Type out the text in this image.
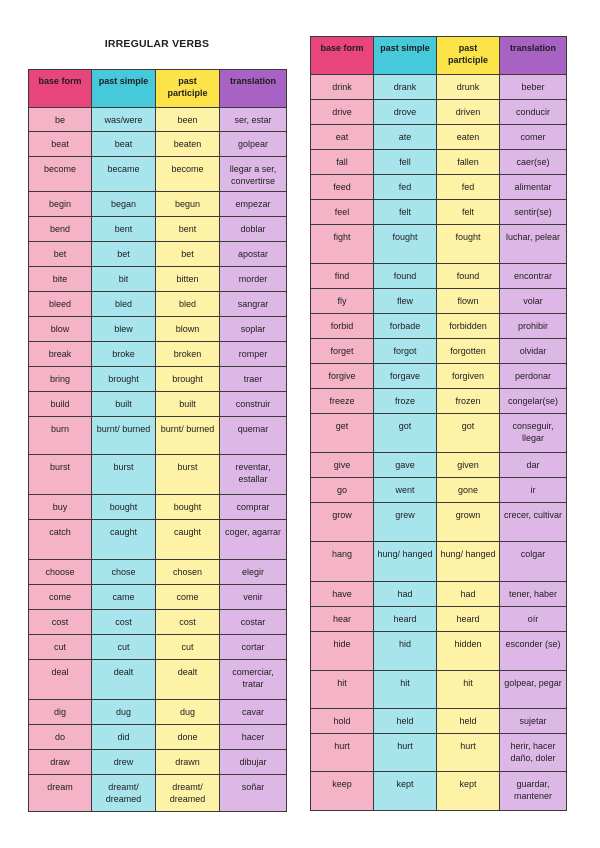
IRREGULAR VERBS
base form	past simple	past participle	translation
be	was/were	been	ser, estar
beat	beat	beaten	golpear
become	became	become	llegar a ser, convertirse
begin	began	begun	empezar
bend	bent	bent	doblar
bet	bet	bet	apostar
bite	bit	bitten	morder
bleed	bled	bled	sangrar
blow	blew	blown	soplar
break	broke	broken	romper
bring	brought	brought	traer
build	built	built	construir
burn	burnt/ burned	burnt/ burned	quemar
burst	burst	burst	reventar, estallar
buy	bought	bought	comprar
catch	caught	caught	coger, agarrar
choose	chose	chosen	elegir
come	came	come	venir
cost	cost	cost	costar
cut	cut	cut	cortar
deal	dealt	dealt	comerciar, tratar
dig	dug	dug	cavar
do	did	done	hacer
draw	drew	drawn	dibujar
dream	dreamt/ dreamed	dreamt/ dreamed	soñar
base form	past simple	past participle	translation
drink	drank	drunk	beber
drive	drove	driven	conducir
eat	ate	eaten	comer
fall	fell	fallen	caer(se)
feed	fed	fed	alimentar
feel	felt	felt	sentir(se)
fight	fought	fought	luchar, pelear
find	found	found	encontrar
fly	flew	flown	volar
forbid	forbade	forbidden	prohibir
forget	forgot	forgotten	olvidar
forgive	forgave	forgiven	perdonar
freeze	froze	frozen	congelar(se)
get	got	got	conseguir, llegar
give	gave	given	dar
go	went	gone	ir
grow	grew	grown	crecer, cultivar
hang	hung/ hanged	hung/ hanged	colgar
have	had	had	tener, haber
hear	heard	heard	oír
hide	hid	hidden	esconder (se)
hit	hit	hit	golpear, pegar
hold	held	held	sujetar
hurt	hurt	hurt	herir, hacer daño, doler
keep	kept	kept	guardar, mantener
